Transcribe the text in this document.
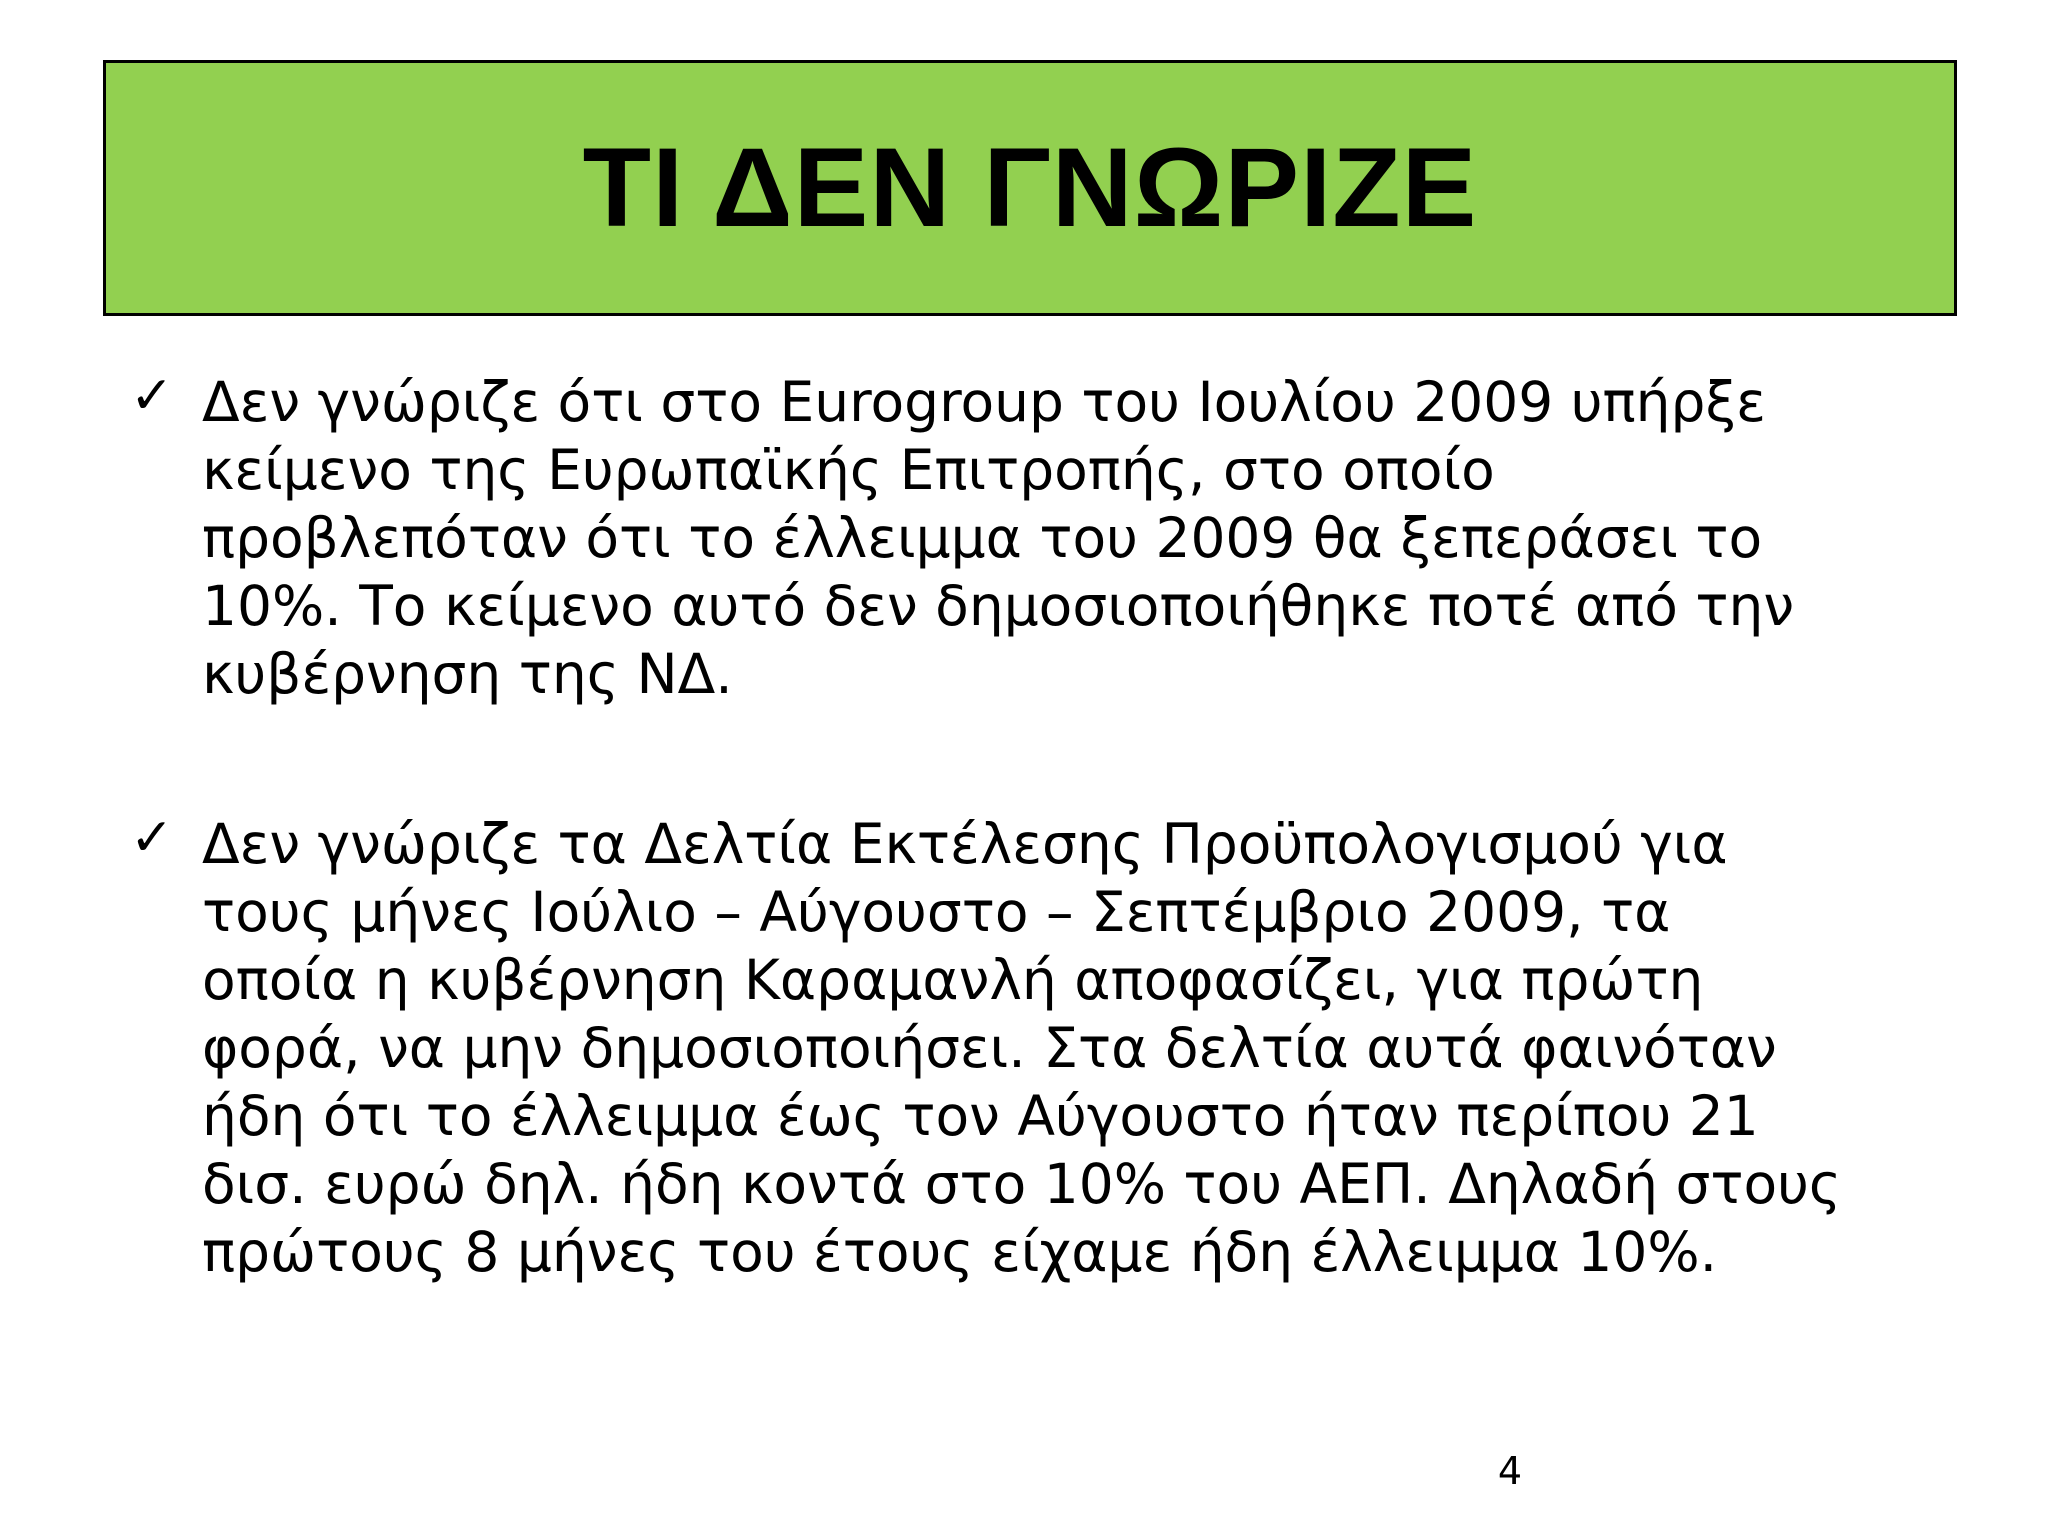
ΤΙ ΔΕΝ ΓΝΩΡΙΖΕ
✓ Δεν γνώριζε ότι στο Eurogroup του Ιουλίου 2009 υπήρξε
κείμενο της Ευρωπαϊκής Επιτροπής, στο οποίο
προβλεπόταν ότι το έλλειμμα του 2009 θα ξεπεράσει το
10%. Το κείμενο αυτό δεν δημοσιοποιήθηκε ποτέ από την
κυβέρνηση της ΝΔ.

✓ Δεν γνώριζε τα Δελτία Εκτέλεσης Προϋπολογισμού για
τους μήνες Ιούλιο – Αύγουστο – Σεπτέμβριο 2009, τα
οποία η κυβέρνηση Καραμανλή αποφασίζει, για πρώτη
φορά, να μην δημοσιοποιήσει. Στα δελτία αυτά φαινόταν
ήδη ότι το έλλειμμα έως τον Αύγουστο ήταν περίπου 21
δισ. ευρώ δηλ. ήδη κοντά στο 10% του ΑΕΠ. Δηλαδή στους
πρώτους 8 μήνες του έτους είχαμε ήδη έλλειμμα 10%.

4
